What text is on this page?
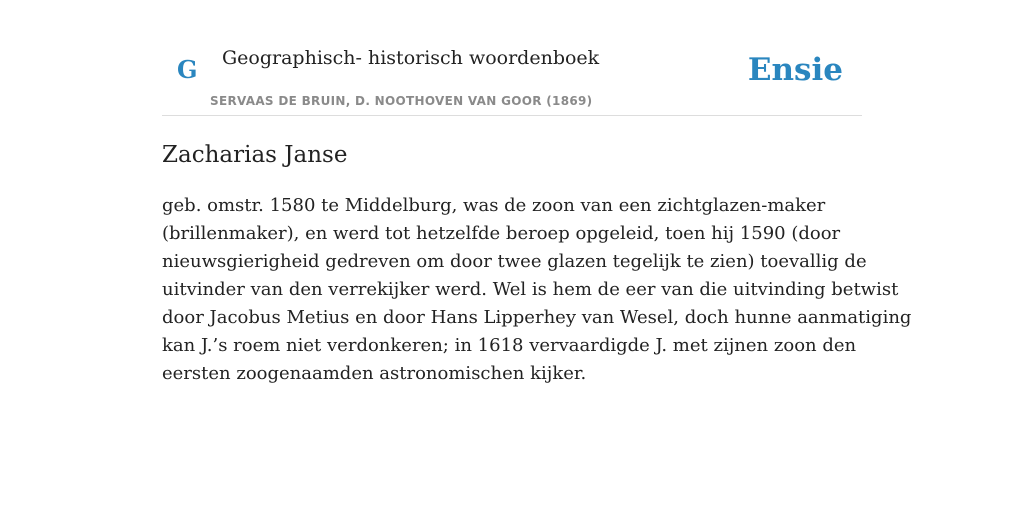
G Geographisch- historisch woordenboek
SERVAAS DE BRUIN, D. NOOTHOVEN VAN GOOR (1869)
Ensie
Zacharias Janse

geb. omstr. 1580 te Middelburg, was de zoon van een zichtglazen-maker
(brillenmaker), en werd tot hetzelfde beroep opgeleid, toen hij 1590 (door
nieuwsgierigheid gedreven om door twee glazen tegelijk te zien) toevallig de
uitvinder van den verrekijker werd. Wel is hem de eer van die uitvinding betwist
door Jacobus Metius en door Hans Lipperhey van Wesel, doch hunne aanmatiging
kan J.’s roem niet verdonkeren; in 1618 vervaardigde J. met zijnen zoon den
eersten zoogenaamden astronomischen kijker.
